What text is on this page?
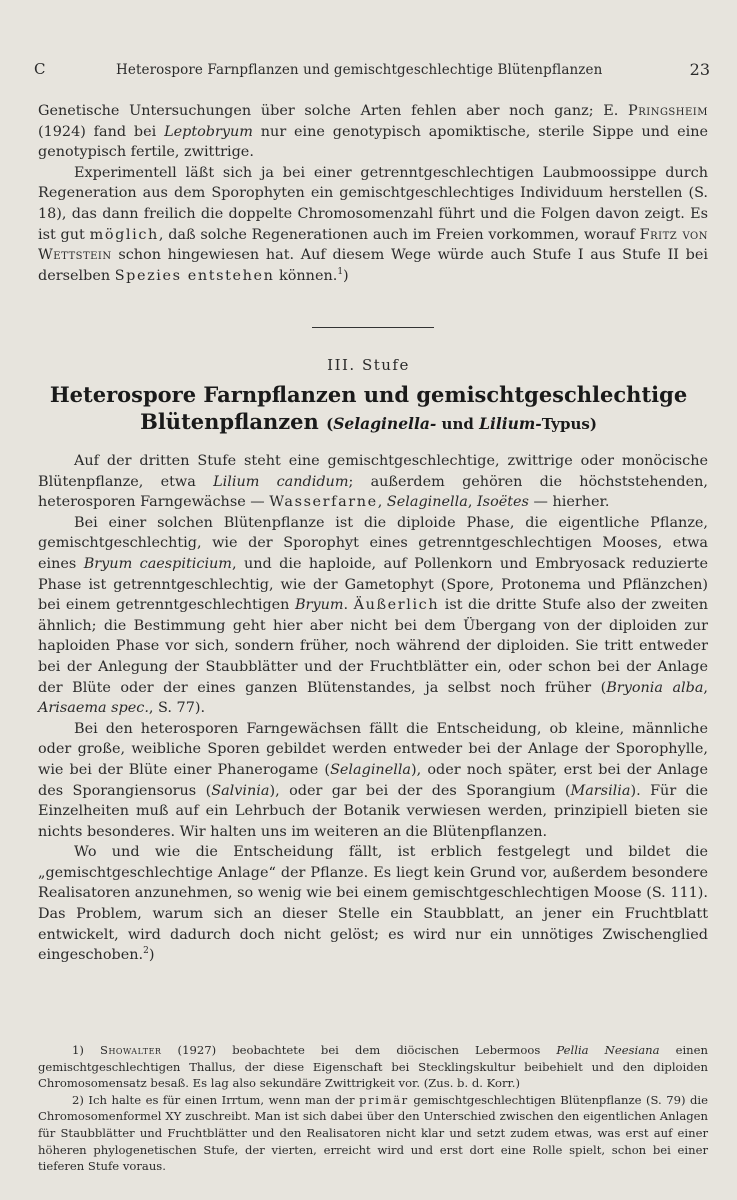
C	Heterospore Farnpflanzen und gemischtgeschlechtige Blütenpflanzen	23

Genetische Untersuchungen über solche Arten fehlen aber noch ganz; E. Pringsheim (1924) fand bei Leptobryum nur eine genotypisch apomiktische, sterile Sippe und eine genotypisch fertile, zwittrige.

Experimentell läßt sich ja bei einer getrenntgeschlechtigen Laubmoossippe durch Regeneration aus dem Sporophyten ein gemischtgeschlechtiges Individuum herstellen (S. 18), das dann freilich die doppelte Chromosomenzahl führt und die Folgen davon zeigt. Es ist gut möglich, daß solche Regenerationen auch im Freien vorkommen, worauf Fritz von Wettstein schon hingewiesen hat. Auf diesem Wege würde auch Stufe I aus Stufe II bei derselben Spezies entstehen können.$^1$)

III. Stufe
Heterospore Farnpflanzen und gemischtgeschlechtige
Blütenpflanzen (Selaginella- und Lilium-Typus)

Auf der dritten Stufe steht eine gemischtgeschlechtige, zwittrige oder monöcische Blütenpflanze, etwa Lilium candidum; außerdem gehören die höchststehenden, heterosporen Farngewächse — Wasserfarne, Selaginella, Isoëtes — hierher.

Bei einer solchen Blütenpflanze ist die diploide Phase, die eigentliche Pflanze, gemischtgeschlechtig, wie der Sporophyt eines getrenntgeschlechtigen Mooses, etwa eines Bryum caespiticium, und die haploide, auf Pollenkorn und Embryosack reduzierte Phase ist getrenntgeschlechtig, wie der Gametophyt (Spore, Protonema und Pflänzchen) bei einem getrenntgeschlechtigen Bryum. Äußerlich ist die dritte Stufe also der zweiten ähnlich; die Bestimmung geht hier aber nicht bei dem Übergang von der diploiden zur haploiden Phase vor sich, sondern früher, noch während der diploiden. Sie tritt entweder bei der Anlegung der Staubblätter und der Fruchtblätter ein, oder schon bei der Anlage der Blüte oder der eines ganzen Blütenstandes, ja selbst noch früher (Bryonia alba, Arisaema spec., S. 77).

Bei den heterosporen Farngewächsen fällt die Entscheidung, ob kleine, männliche oder große, weibliche Sporen gebildet werden entweder bei der Anlage der Sporophylle, wie bei der Blüte einer Phanerogame (Selaginella), oder noch später, erst bei der Anlage des Sporangiensorus (Salvinia), oder gar bei der des Sporangium (Marsilia). Für die Einzelheiten muß auf ein Lehrbuch der Botanik verwiesen werden, prinzipiell bieten sie nichts besonderes. Wir halten uns im weiteren an die Blütenpflanzen.

Wo und wie die Entscheidung fällt, ist erblich festgelegt und bildet die „gemischtgeschlechtige Anlage“ der Pflanze. Es liegt kein Grund vor, außerdem besondere Realisatoren anzunehmen, so wenig wie bei einem gemischtgeschlechtigen Moose (S. 111). Das Problem, warum sich an dieser Stelle ein Staubblatt, an jener ein Fruchtblatt entwickelt, wird dadurch doch nicht gelöst; es wird nur ein unnötiges Zwischenglied eingeschoben.$^2$)

1) Showalter (1927) beobachtete bei dem diöcischen Lebermoos Pellia Neesiana einen gemischtgeschlechtigen Thallus, der diese Eigenschaft bei Stecklingskultur beibehielt und den diploiden Chromosomensatz besaß. Es lag also sekundäre Zwittrigkeit vor. (Zus. b. d. Korr.)

2) Ich halte es für einen Irrtum, wenn man der primär gemischtgeschlechtigen Blütenpflanze (S. 79) die Chromosomenformel XY zuschreibt. Man ist sich dabei über den Unterschied zwischen den eigentlichen Anlagen für Staubblätter und Fruchtblätter und den Realisatoren nicht klar und setzt zudem etwas, was erst auf einer höheren phylogenetischen Stufe, der vierten, erreicht wird und erst dort eine Rolle spielt, schon bei einer tieferen Stufe voraus.
